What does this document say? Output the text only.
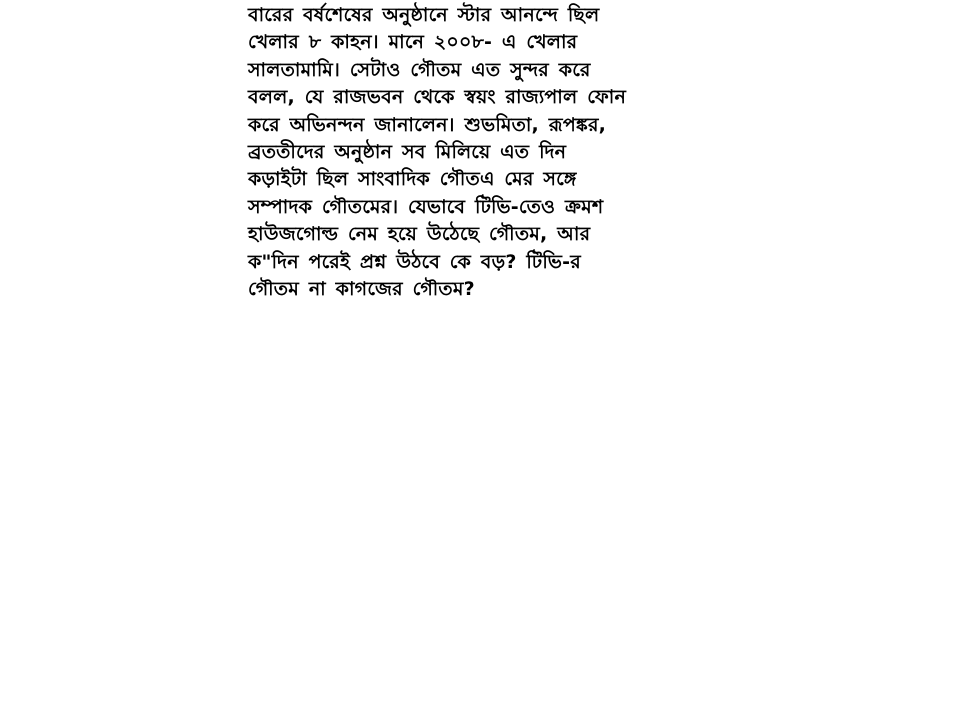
বারের বর্ষশেষের অনুষ্ঠানে স্টার আনন্দে ছিল
খেলার ৮ কাহন। মানে ২০০৮- এ খেলার
সালতামামি। সেটাও গৌতম এত সুন্দর করে
বলল, যে রাজভবন থেকে স্বয়ং রাজ্যপাল ফোন
করে অভিনন্দন জানালেন। শুভমিতা, রূপঙ্কর,
ব্রততীদের অনুষ্ঠান সব মিলিয়ে এত দিন
কড়াইটা ছিল সাংবাদিক গৌতএ মের সঙ্গে
সম্পাদক গৌতমের। যেভাবে টিভি-তেও ক্রমশ
হাউজগোল্ড নেম হয়ে উঠেছে গৌতম, আর
ক"দিন পরেই প্রশ্ন উঠবে কে বড়? টিভি-র
গৌতম না কাগজের গৌতম?
